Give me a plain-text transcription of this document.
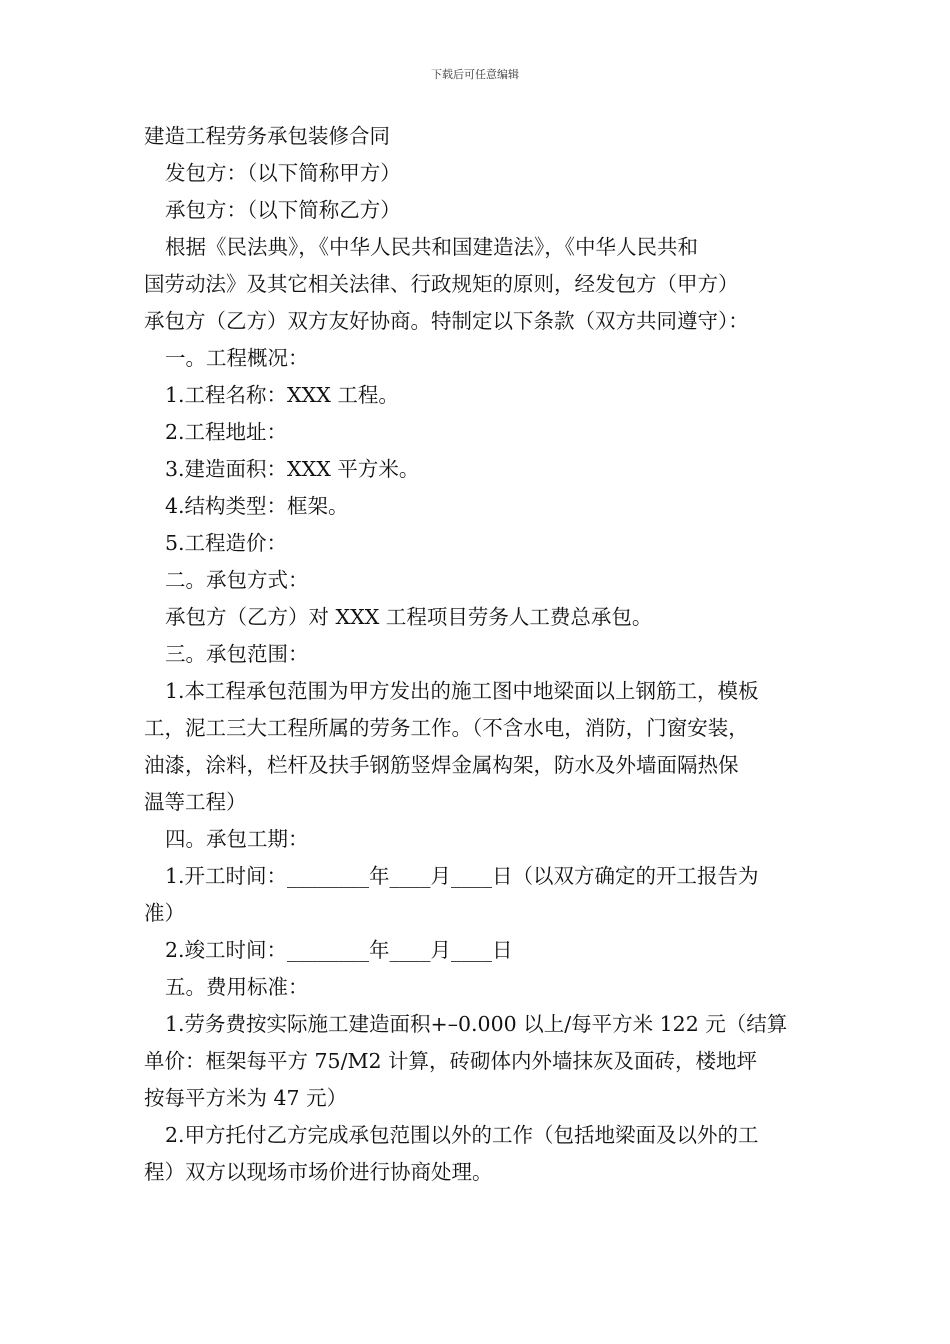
下载后可任意编辑
建造工程劳务承包装修合同
发包方：（以下简称甲方）
承包方：（以下简称乙方）
根据《民法典》，《中华人民共和国建造法》，《中华人民共和
国劳动法》及其它相关法律、行政规矩的原则，经发包方（甲方）
承包方（乙方）双方友好协商。特制定以下条款（双方共同遵守）：
一。工程概况：
1.工程名称：XXX 工程。
2.工程地址：
3.建造面积：XXX 平方米。
4.结构类型：框架。
5.工程造价：
二。承包方式：
承包方（乙方）对 XXX 工程项目劳务人工费总承包。
三。承包范围：
1.本工程承包范围为甲方发出的施工图中地梁面以上钢筋工，模板
工，泥工三大工程所属的劳务工作。（不含水电，消防，门窗安装，
油漆，涂料，栏杆及扶手钢筋竖焊金属构架，防水及外墙面隔热保
温等工程）
四。承包工期：
1.开工时间：________年____月____日（以双方确定的开工报告为
准）
2.竣工时间：________年____月____日
五。费用标准：
1.劳务费按实际施工建造面积+–0.000 以上/每平方米 122 元（结算
单价：框架每平方 75/M2 计算，砖砌体内外墙抹灰及面砖，楼地坪
按每平方米为 47 元）
2.甲方托付乙方完成承包范围以外的工作（包括地梁面及以外的工
程）双方以现场市场价进行协商处理。
